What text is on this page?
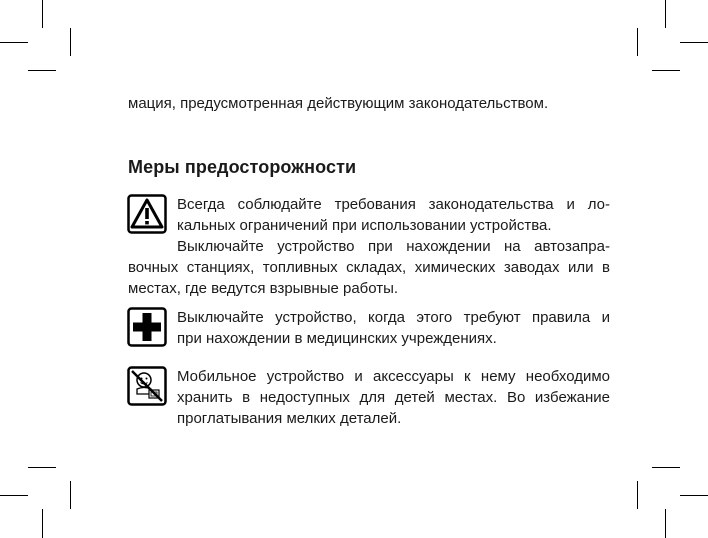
мация, предусмотренная действующим законодательством.

Меры предосторожности
Всегда соблюдайте требования законодательства и ло-
кальных ограничений при использовании устройства.
Выключайте устройство при нахождении на автозапра-
вочных станциях, топливных складах, химических заводах или в
местах, где ведутся взрывные работы.
Выключайте устройство, когда этого требуют правила и
при нахождении в медицинских учреждениях.
Мобильное устройство и аксессуары к нему необходимо
хранить в недоступных для детей местах. Во избежание
проглатывания мелких деталей.
